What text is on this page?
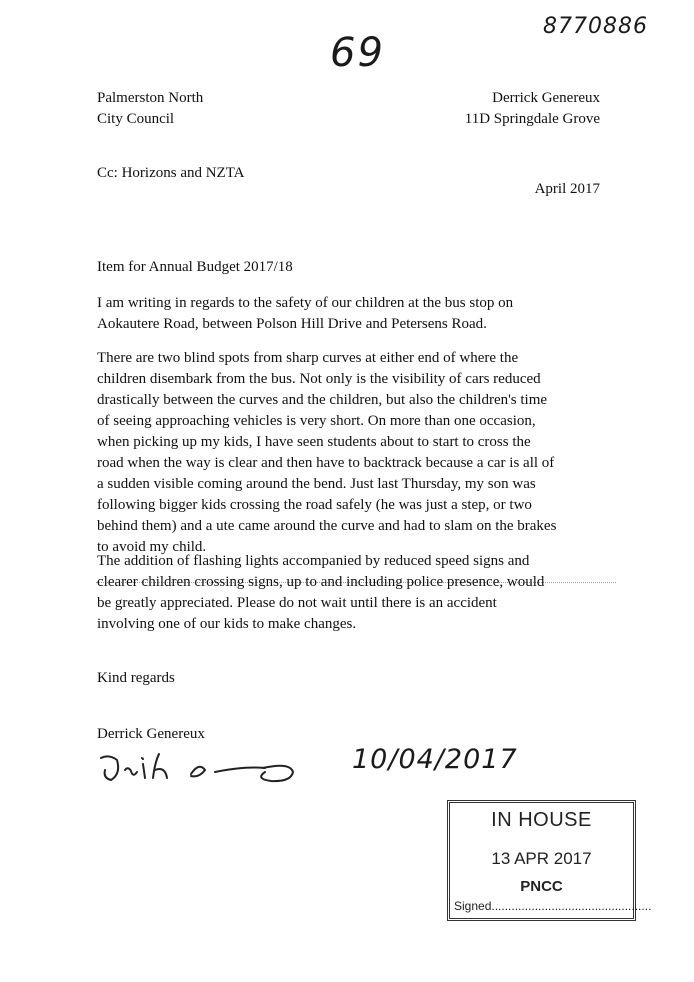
69
8770886
Palmerston North
City Council
Derrick Genereux
11D Springdale Grove
Cc: Horizons and NZTA
April 2017
Item for Annual Budget 2017/18
I am writing in regards to the safety of our children at the bus stop on
Aokautere Road, between Polson Hill Drive and Petersens Road.
There are two blind spots from sharp curves at either end of where the
children disembark from the bus. Not only is the visibility of cars reduced
drastically between the curves and the children, but also the children's time
of seeing approaching vehicles is very short. On more than one occasion,
when picking up my kids, I have seen students about to start to cross the
road when the way is clear and then have to backtrack because a car is all of
a sudden visible coming around the bend. Just last Thursday, my son was
following bigger kids crossing the road safely (he was just a step, or two
behind them) and a ute came around the curve and had to slam on the brakes
to avoid my child.
The addition of flashing lights accompanied by reduced speed signs and
clearer children crossing signs, up to and including police presence, would
be greatly appreciated. Please do not wait until there is an accident
involving one of our kids to make changes.
Kind regards
Derrick Genereux
10/04/2017
IN HOUSE
13 APR 2017
PNCC
Signed................................................
